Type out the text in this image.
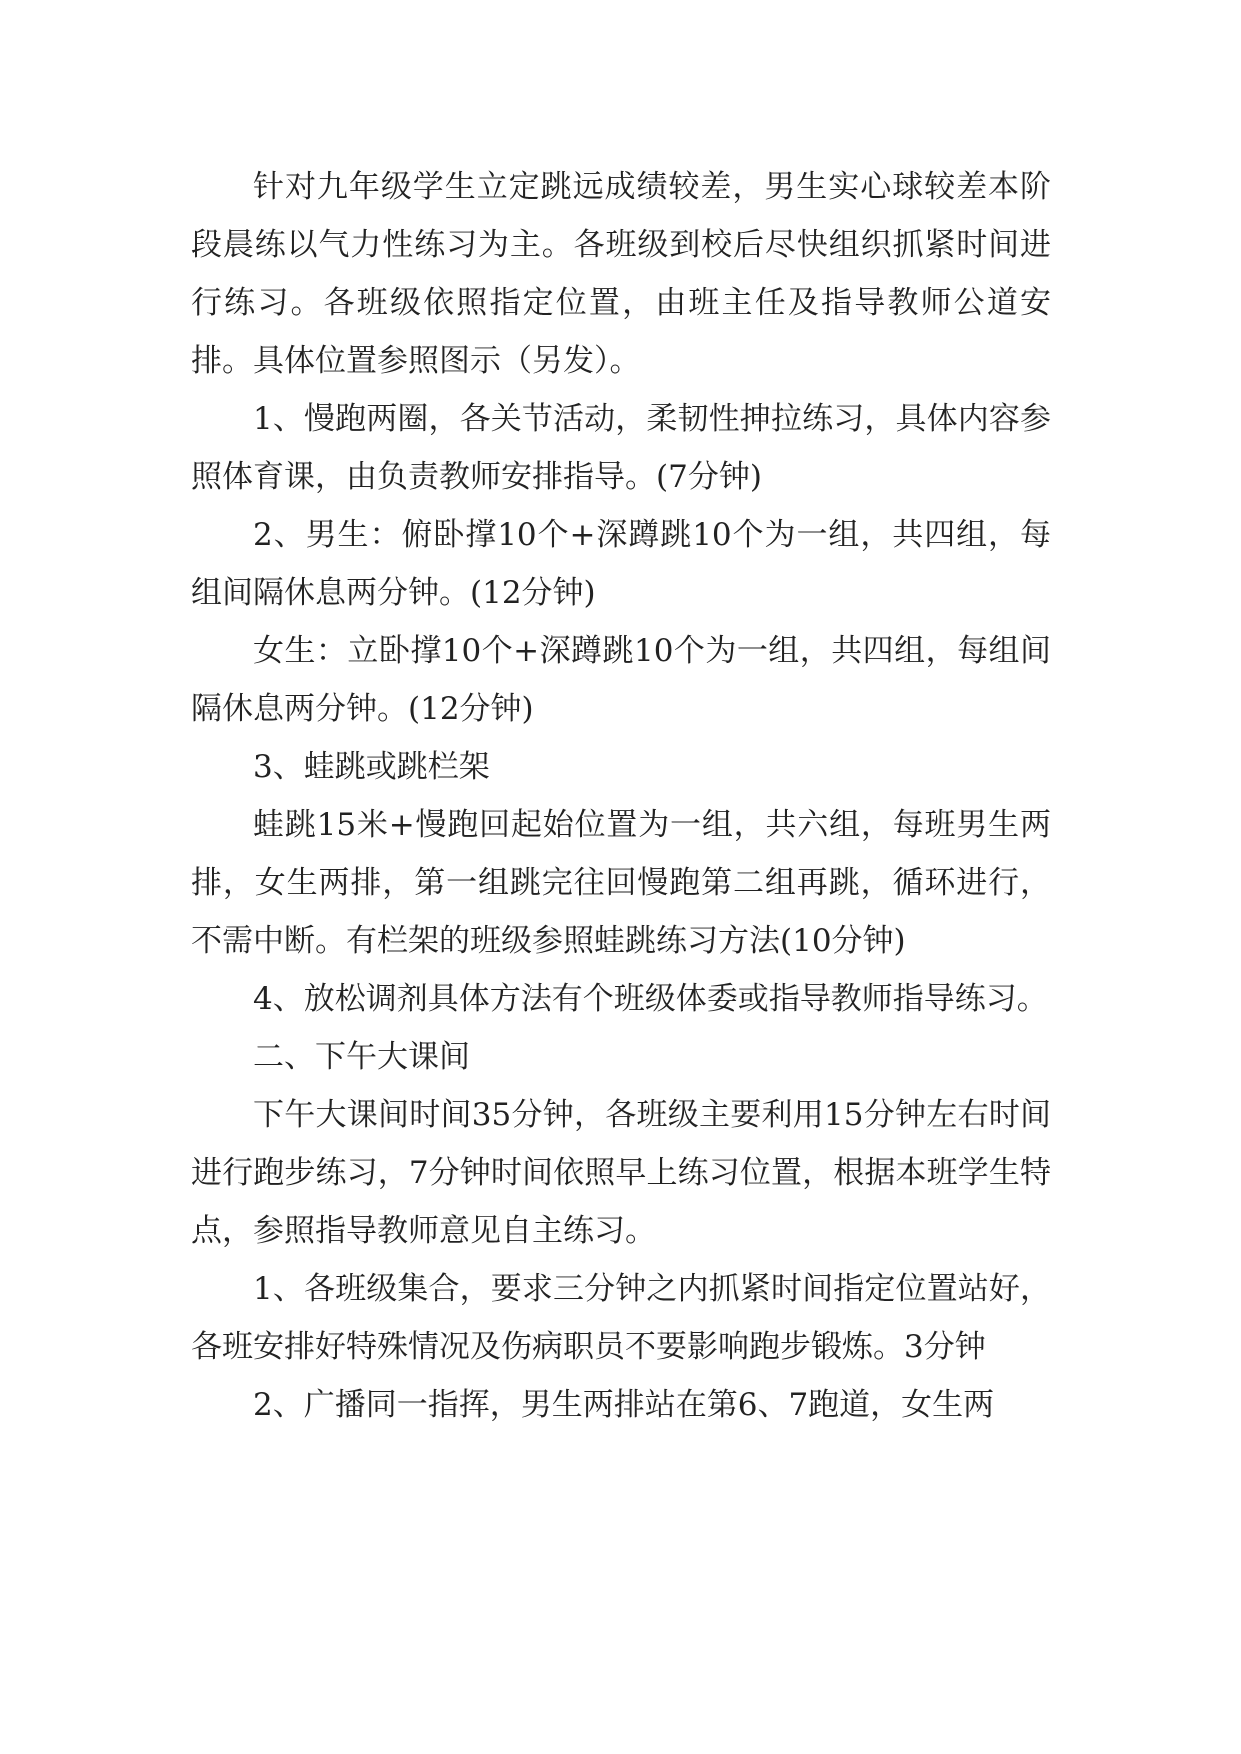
针对九年级学生立定跳远成绩较差，男生实心球较差本阶段晨练以气力性练习为主。各班级到校后尽快组织抓紧时间进行练习。各班级依照指定位置，由班主任及指导教师公道安排。具体位置参照图示（另发）。

1、慢跑两圈，各关节活动，柔韧性抻拉练习，具体内容参照体育课，由负责教师安排指导。(7分钟)

2、男生：俯卧撑10个+深蹲跳10个为一组，共四组，每组间隔休息两分钟。(12分钟)

女生：立卧撑10个+深蹲跳10个为一组，共四组，每组间隔休息两分钟。(12分钟)

3、蛙跳或跳栏架

蛙跳15米+慢跑回起始位置为一组，共六组，每班男生两排，女生两排，第一组跳完往回慢跑第二组再跳，循环进行，不需中断。有栏架的班级参照蛙跳练习方法(10分钟)

4、放松调剂具体方法有个班级体委或指导教师指导练习。

二、下午大课间

下午大课间时间35分钟，各班级主要利用15分钟左右时间进行跑步练习，7分钟时间依照早上练习位置，根据本班学生特点，参照指导教师意见自主练习。

1、各班级集合，要求三分钟之内抓紧时间指定位置站好，各班安排好特殊情况及伤病职员不要影响跑步锻炼。3分钟

2、广播同一指挥，男生两排站在第6、7跑道，女生两
